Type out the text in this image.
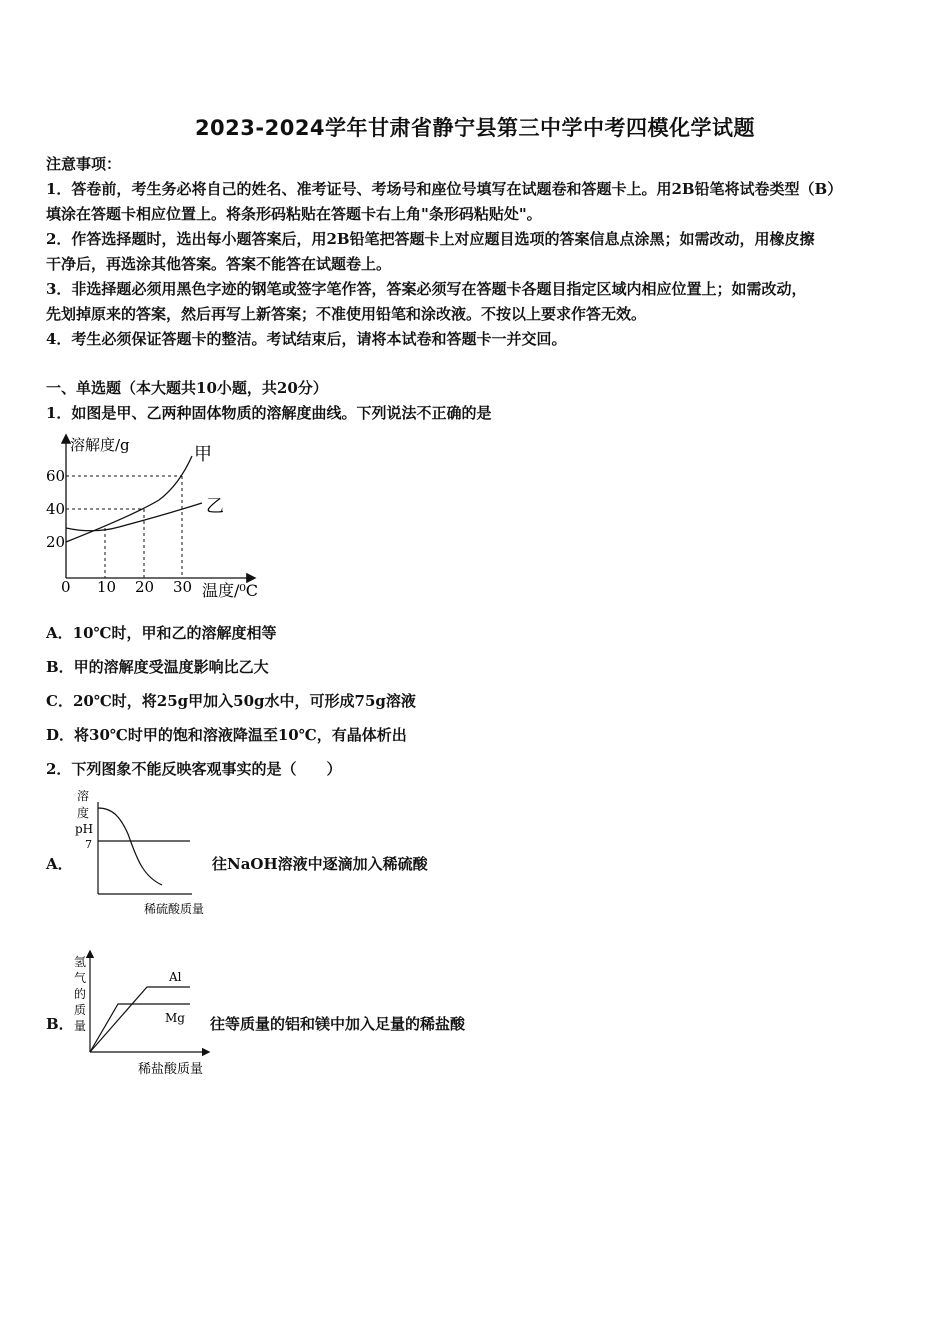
2023-2024学年甘肃省静宁县第三中学中考四模化学试题
注意事项：
1．答卷前，考生务必将自己的姓名、准考证号、考场号和座位号填写在试题卷和答题卡上。用2B铅笔将试卷类型（B）
填涂在答题卡相应位置上。将条形码粘贴在答题卡右上角"条形码粘贴处"。
2．作答选择题时，选出每小题答案后，用2B铅笔把答题卡上对应题目选项的答案信息点涂黑；如需改动，用橡皮擦
干净后，再选涂其他答案。答案不能答在试题卷上。
3．非选择题必须用黑色字迹的钢笔或签字笔作答，答案必须写在答题卡各题目指定区域内相应位置上；如需改动，
先划掉原来的答案，然后再写上新答案；不准使用铅笔和涂改液。不按以上要求作答无效。
4．考生必须保证答题卡的整洁。考试结束后，请将本试卷和答题卡一并交回。
一、单选题（本大题共10小题，共20分）
1．如图是甲、乙两种固体物质的溶解度曲线。下列说法不正确的是
溶解度/g
温度/⁰C
60
40
20
0 10 20 30
甲
乙
A．10℃时，甲和乙的溶解度相等
B．甲的溶解度受温度影响比乙大
C．20℃时，将25g甲加入50g水中，可形成75g溶液
D．将30℃时甲的饱和溶液降温至10℃，有晶体析出
2．下列图象不能反映客观事实的是（　　）
A．
溶
度
pH
7
稀硫酸质量
往NaOH溶液中逐滴加入稀硫酸
B．
氢
气
的
质
量
Al
Mg
稀盐酸质量
往等质量的铝和镁中加入足量的稀盐酸
